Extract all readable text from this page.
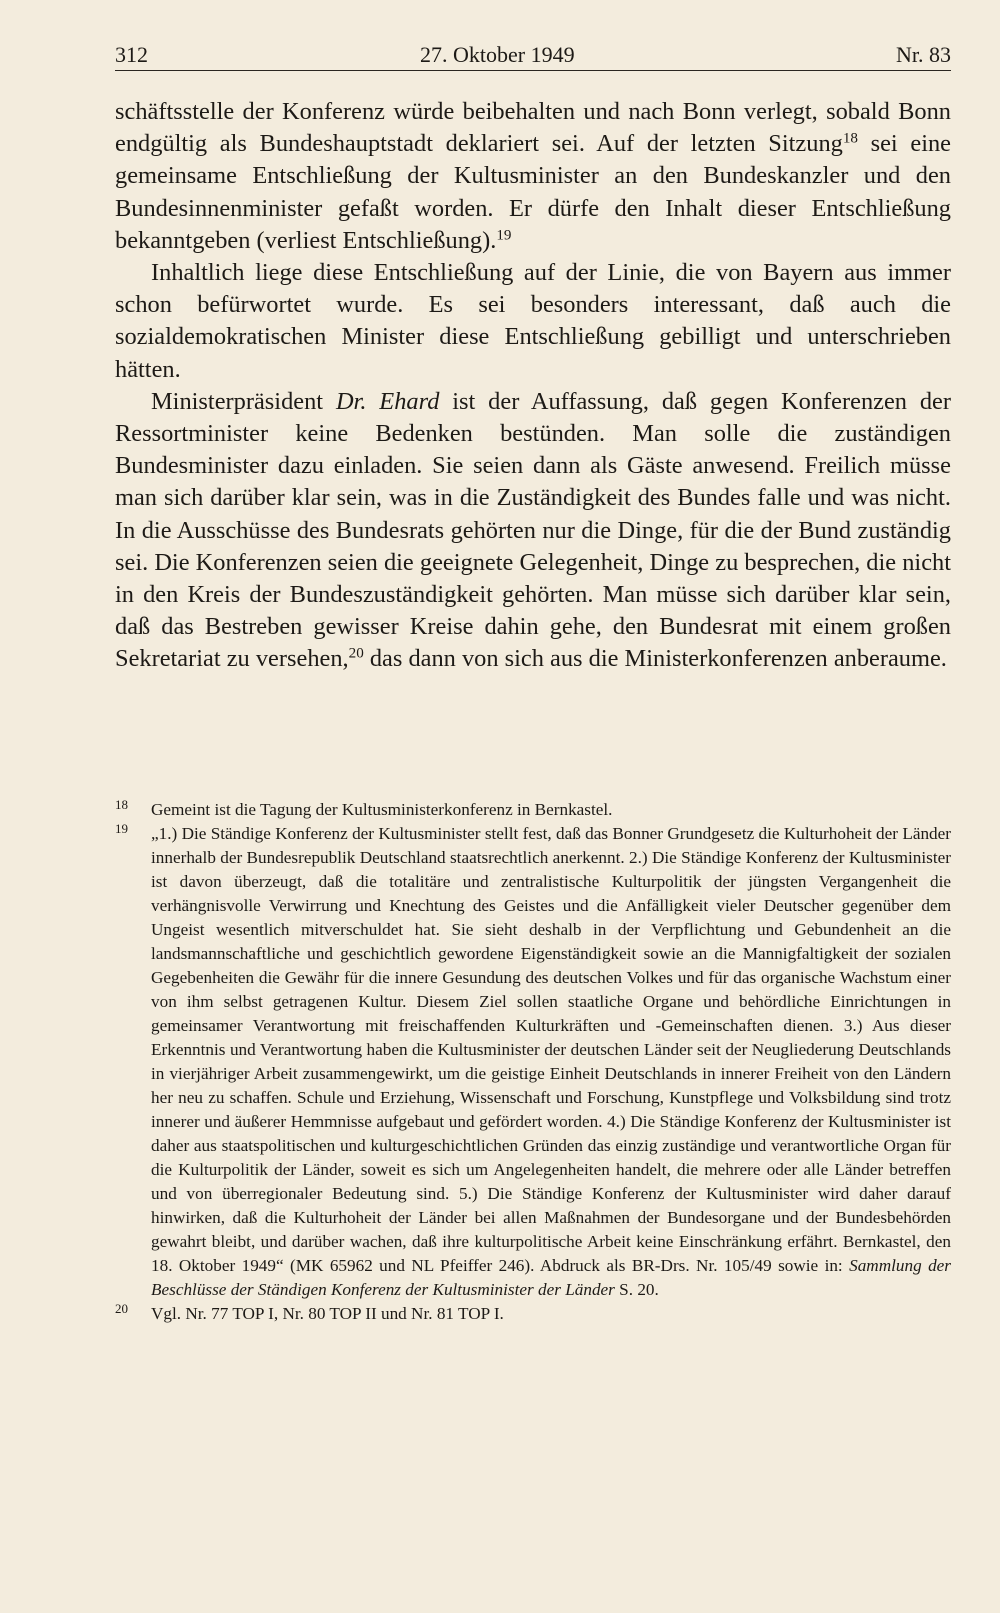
312	27. Oktober 1949	Nr. 83

schäftsstelle der Konferenz würde beibehalten und nach Bonn verlegt, sobald Bonn endgültig als Bundeshauptstadt deklariert sei. Auf der letzten Sitzung$^{18}$ sei eine gemeinsame Entschließung der Kultusminister an den Bundeskanzler und den Bundesinnenminister gefaßt worden. Er dürfe den Inhalt dieser Entschließung bekanntgeben (verliest Entschließung).$^{19}$

Inhaltlich liege diese Entschließung auf der Linie, die von Bayern aus immer schon befürwortet wurde. Es sei besonders interessant, daß auch die sozialdemokratischen Minister diese Entschließung gebilligt und unterschrieben hätten.

Ministerpräsident Dr. Ehard ist der Auffassung, daß gegen Konferenzen der Ressortminister keine Bedenken bestünden. Man solle die zuständigen Bundesminister dazu einladen. Sie seien dann als Gäste anwesend. Freilich müsse man sich darüber klar sein, was in die Zuständigkeit des Bundes falle und was nicht. In die Ausschüsse des Bundesrats gehörten nur die Dinge, für die der Bund zuständig sei. Die Konferenzen seien die geeignete Gelegenheit, Dinge zu besprechen, die nicht in den Kreis der Bundeszuständigkeit gehörten. Man müsse sich darüber klar sein, daß das Bestreben gewisser Kreise dahin gehe, den Bundesrat mit einem großen Sekretariat zu versehen,$^{20}$ das dann von sich aus die Ministerkonferenzen anberaume.

18 Gemeint ist die Tagung der Kultusministerkonferenz in Bernkastel.
19 „1.) Die Ständige Konferenz der Kultusminister stellt fest, daß das Bonner Grundgesetz die Kulturhoheit der Länder innerhalb der Bundesrepublik Deutschland staatsrechtlich anerkennt. 2.) Die Ständige Konferenz der Kultusminister ist davon überzeugt, daß die totalitäre und zentralistische Kulturpolitik der jüngsten Vergangenheit die verhängnisvolle Verwirrung und Knechtung des Geistes und die Anfälligkeit vieler Deutscher gegenüber dem Ungeist wesentlich mitverschuldet hat. Sie sieht deshalb in der Verpflichtung und Gebundenheit an die landsmannschaftliche und geschichtlich gewordene Eigenständigkeit sowie an die Mannigfaltigkeit der sozialen Gegebenheiten die Gewähr für die innere Gesundung des deutschen Volkes und für das organische Wachstum einer von ihm selbst getragenen Kultur. Diesem Ziel sollen staatliche Organe und behördliche Einrichtungen in gemeinsamer Verantwortung mit freischaffenden Kulturkräften und -Gemeinschaften dienen. 3.) Aus dieser Erkenntnis und Verantwortung haben die Kultusminister der deutschen Länder seit der Neugliederung Deutschlands in vierjähriger Arbeit zusammengewirkt, um die geistige Einheit Deutschlands in innerer Freiheit von den Ländern her neu zu schaffen. Schule und Erziehung, Wissenschaft und Forschung, Kunstpflege und Volksbildung sind trotz innerer und äußerer Hemmnisse aufgebaut und gefördert worden. 4.) Die Ständige Konferenz der Kultusminister ist daher aus staatspolitischen und kulturgeschichtlichen Gründen das einzig zuständige und verantwortliche Organ für die Kulturpolitik der Länder, soweit es sich um Angelegenheiten handelt, die mehrere oder alle Länder betreffen und von überregionaler Bedeutung sind. 5.) Die Ständige Konferenz der Kultusminister wird daher darauf hinwirken, daß die Kulturhoheit der Länder bei allen Maßnahmen der Bundesorgane und der Bundesbehörden gewahrt bleibt, und darüber wachen, daß ihre kulturpolitische Arbeit keine Einschränkung erfährt. Bernkastel, den 18. Oktober 1949“ (MK 65962 und NL Pfeiffer 246). Abdruck als BR-Drs. Nr. 105/49 sowie in: Sammlung der Beschlüsse der Ständigen Konferenz der Kultusminister der Länder S. 20.
20 Vgl. Nr. 77 TOP I, Nr. 80 TOP II und Nr. 81 TOP I.
